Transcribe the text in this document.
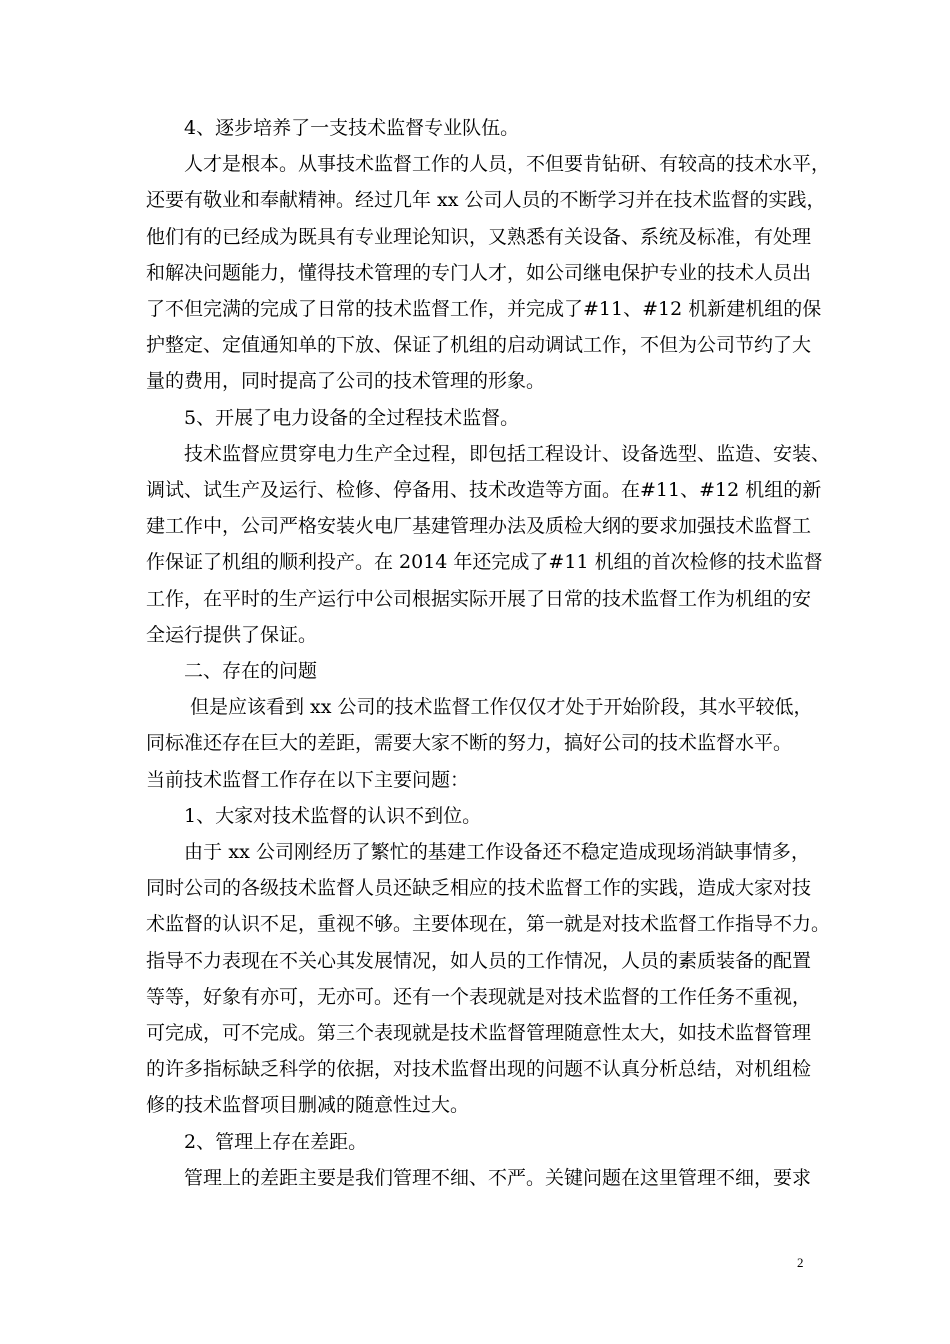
4、逐步培养了一支技术监督专业队伍。

人才是根本。从事技术监督工作的人员，不但要肯钻研、有较高的技术水平，
还要有敬业和奉献精神。经过几年 xx 公司人员的不断学习并在技术监督的实践，
他们有的已经成为既具有专业理论知识，又熟悉有关设备、系统及标准，有处理
和解决问题能力，懂得技术管理的专门人才，如公司继电保护专业的技术人员出
了不但完满的完成了日常的技术监督工作，并完成了#11、#12 机新建机组的保
护整定、定值通知单的下放、保证了机组的启动调试工作，不但为公司节约了大
量的费用，同时提高了公司的技术管理的形象。

5、开展了电力设备的全过程技术监督。

技术监督应贯穿电力生产全过程，即包括工程设计、设备选型、监造、安装、
调试、试生产及运行、检修、停备用、技术改造等方面。在#11、#12 机组的新
建工作中，公司严格安装火电厂基建管理办法及质检大纲的要求加强技术监督工
作保证了机组的顺利投产。在 2014 年还完成了#11 机组的首次检修的技术监督
工作，在平时的生产运行中公司根据实际开展了日常的技术监督工作为机组的安
全运行提供了保证。

二、存在的问题

但是应该看到 xx 公司的技术监督工作仅仅才处于开始阶段，其水平较低，
同标准还存在巨大的差距，需要大家不断的努力，搞好公司的技术监督水平。
当前技术监督工作存在以下主要问题：

1、大家对技术监督的认识不到位。

由于 xx 公司刚经历了繁忙的基建工作设备还不稳定造成现场消缺事情多，
同时公司的各级技术监督人员还缺乏相应的技术监督工作的实践，造成大家对技
术监督的认识不足，重视不够。主要体现在，第一就是对技术监督工作指导不力。
指导不力表现在不关心其发展情况，如人员的工作情况，人员的素质装备的配置
等等，好象有亦可，无亦可。还有一个表现就是对技术监督的工作任务不重视，
可完成，可不完成。第三个表现就是技术监督管理随意性太大，如技术监督管理
的许多指标缺乏科学的依据，对技术监督出现的问题不认真分析总结，对机组检
修的技术监督项目删减的随意性过大。

2、管理上存在差距。

管理上的差距主要是我们管理不细、不严。关键问题在这里管理不细，要求

2
